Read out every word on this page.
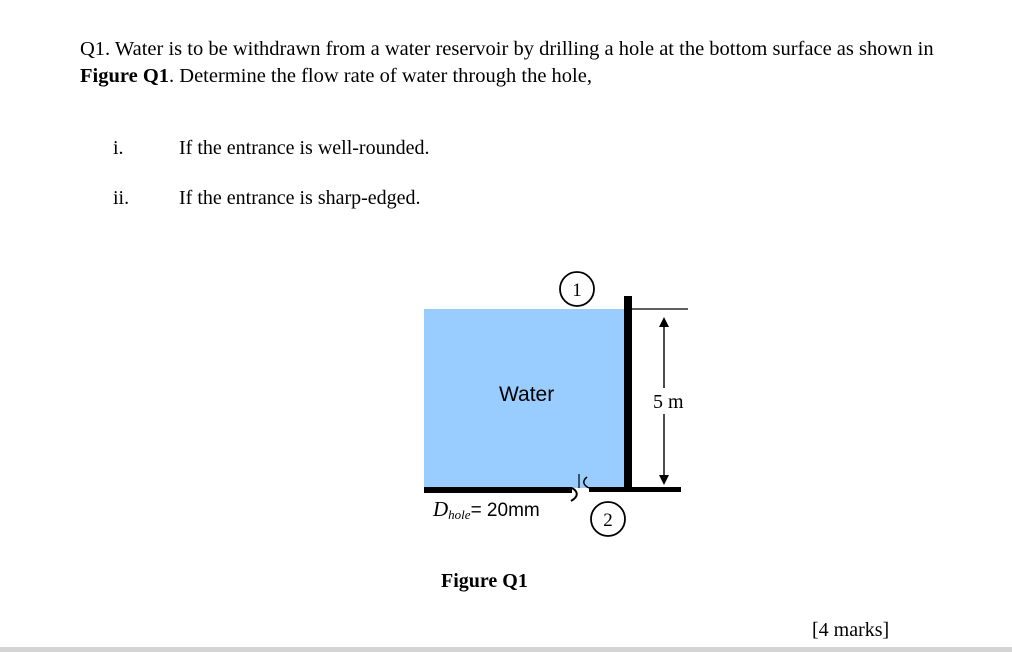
Q1. Water is to be withdrawn from a water reservoir by drilling a hole at the bottom surface as shown in Figure Q1. Determine the flow rate of water through the hole,
i.	If the entrance is well-rounded.
ii. If the entrance is sharp-edged.
5 m
Water
1
2
Dhole= 20mm
Figure Q1
[4 marks]
